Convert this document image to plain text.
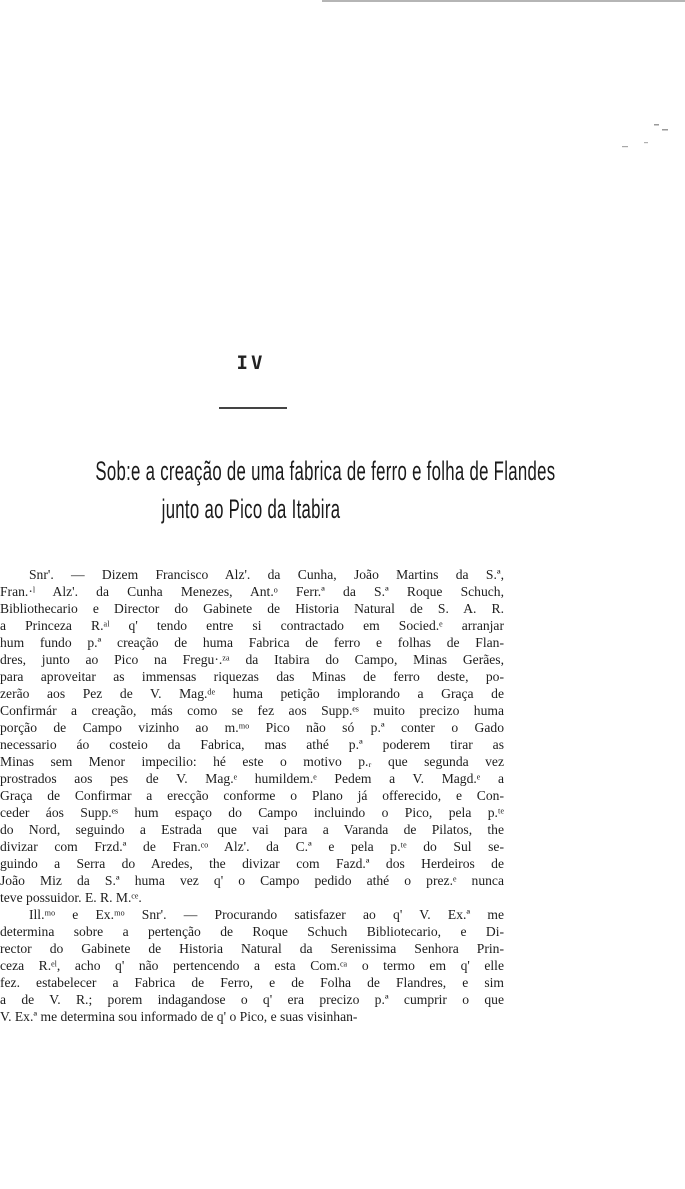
IV
Sob:e a creação de uma fabrica de ferro e folha de Flandes
junto ao Pico da Itabira
Snr'. — Dizem Francisco Alz'. da Cunha, João Martins da S.ª,
Fran.·ˡ Alz'. da Cunha Menezes, Ant.ᵒ Ferr.ª da S.ª Roque Schuch,
Bibliothecario e Director do Gabinete de Historia Natural de S. A. R.
a Princeza R.ᵃˡ q' tendo entre si contractado em Socied.ᵉ arranjar
hum fundo p.ª creação de huma Fabrica de ferro e folhas de Flan-
dres, junto ao Pico na Fregu·.ᶻᵃ da Itabira do Campo, Minas Gerães,
para aproveitar as immensas riquezas das Minas de ferro deste, po-
zerão aos Pez de V. Mag.ᵈᵉ huma petição implorando a Graça de
Confirmár a creação, más como se fez aos Supp.ᵉˢ muito precizo huma
porção de Campo vizinho ao m.ᵐᵒ Pico não só p.ª conter o Gado
necessario áo costeio da Fabrica, mas athé p.ª poderem tirar as
Minas sem Menor impecilio: hé este o motivo p.ᵣ que segunda vez
prostrados aos pes de V. Mag.ᵉ humildem.ᵉ Pedem a V. Magd.ᵉ a
Graça de Confirmar a erecção conforme o Plano já offerecido, e Con-
ceder áos Supp.ᵉˢ hum espaço do Campo incluindo o Pico, pela p.ᵗᵉ
do Nord, seguindo a Estrada que vai para a Varanda de Pilatos, the
divizar com Frzd.ª de Fran.ᶜᵒ Alz'. da C.ª e pela p.ᵗᵉ do Sul se-
guindo a Serra do Aredes, the divizar com Fazd.ª dos Herdeiros de
João Miz da S.ª huma vez q' o Campo pedido athé o prez.ᵉ nunca
teve possuidor. E. R. M.ᶜᵉ.
Ill.ᵐᵒ e Ex.ᵐᵒ Snr'. — Procurando satisfazer ao q' V. Ex.ª me
determina sobre a pertenção de Roque Schuch Bibliotecario, e Di-
rector do Gabinete de Historia Natural da Serenissima Senhora Prin-
ceza R.ᵉˡ, acho q' não pertencendo a esta Com.ᶜᵃ o termo em q' elle
fez. estabelecer a Fabrica de Ferro, e de Folha de Flandres, e sim
a de V. R.; porem indagandose o q' era precizo p.ª cumprir o que
V. Ex.ª me determina sou informado de q' o Pico, e suas visinhan-
